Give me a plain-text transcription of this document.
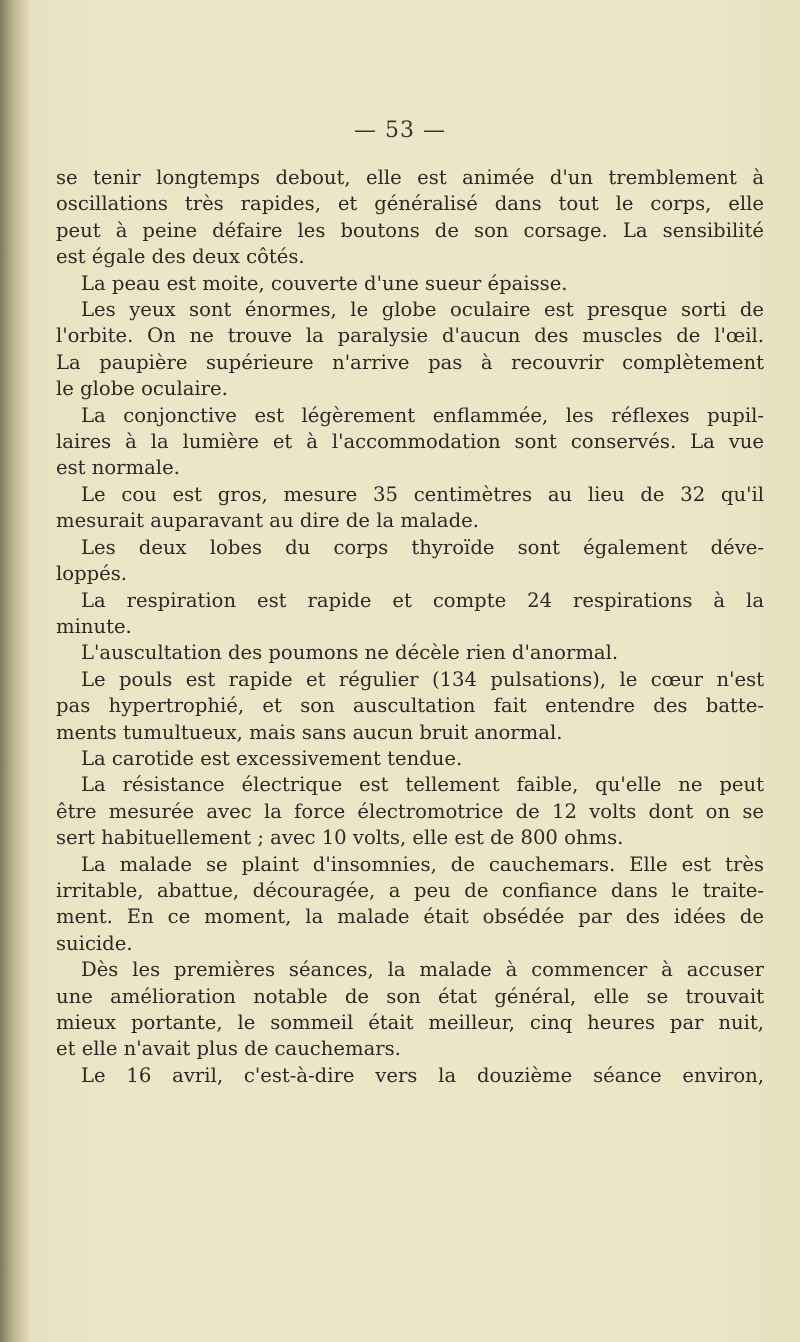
— 53 —
se tenir longtemps debout, elle est animée d'un tremblement à
oscillations très rapides, et généralisé dans tout le corps, elle
peut à peine défaire les boutons de son corsage. La sensibilité
est égale des deux côtés.
La peau est moite, couverte d'une sueur épaisse.
Les yeux sont énormes, le globe oculaire est presque sorti de
l'orbite. On ne trouve la paralysie d'aucun des muscles de l'œil.
La paupière supérieure n'arrive pas à recouvrir complètement
le globe oculaire.
La conjonctive est légèrement enflammée, les réflexes pupil-
laires à la lumière et à l'accommodation sont conservés. La vue
est normale.
Le cou est gros, mesure 35 centimètres au lieu de 32 qu'il
mesurait auparavant au dire de la malade.
Les deux lobes du corps thyroïde sont également déve-
loppés.
La respiration est rapide et compte 24 respirations à la
minute.
L'auscultation des poumons ne décèle rien d'anormal.
Le pouls est rapide et régulier (134 pulsations), le cœur n'est
pas hypertrophié, et son auscultation fait entendre des batte-
ments tumultueux, mais sans aucun bruit anormal.
La carotide est excessivement tendue.
La résistance électrique est tellement faible, qu'elle ne peut
être mesurée avec la force électromotrice de 12 volts dont on se
sert habituellement ; avec 10 volts, elle est de 800 ohms.
La malade se plaint d'insomnies, de cauchemars. Elle est très
irritable, abattue, découragée, a peu de confiance dans le traite-
ment. En ce moment, la malade était obsédée par des idées de
suicide.
Dès les premières séances, la malade à commencer à accuser
une amélioration notable de son état général, elle se trouvait
mieux portante, le sommeil était meilleur, cinq heures par nuit,
et elle n'avait plus de cauchemars.
Le 16 avril, c'est-à-dire vers la douzième séance environ,
